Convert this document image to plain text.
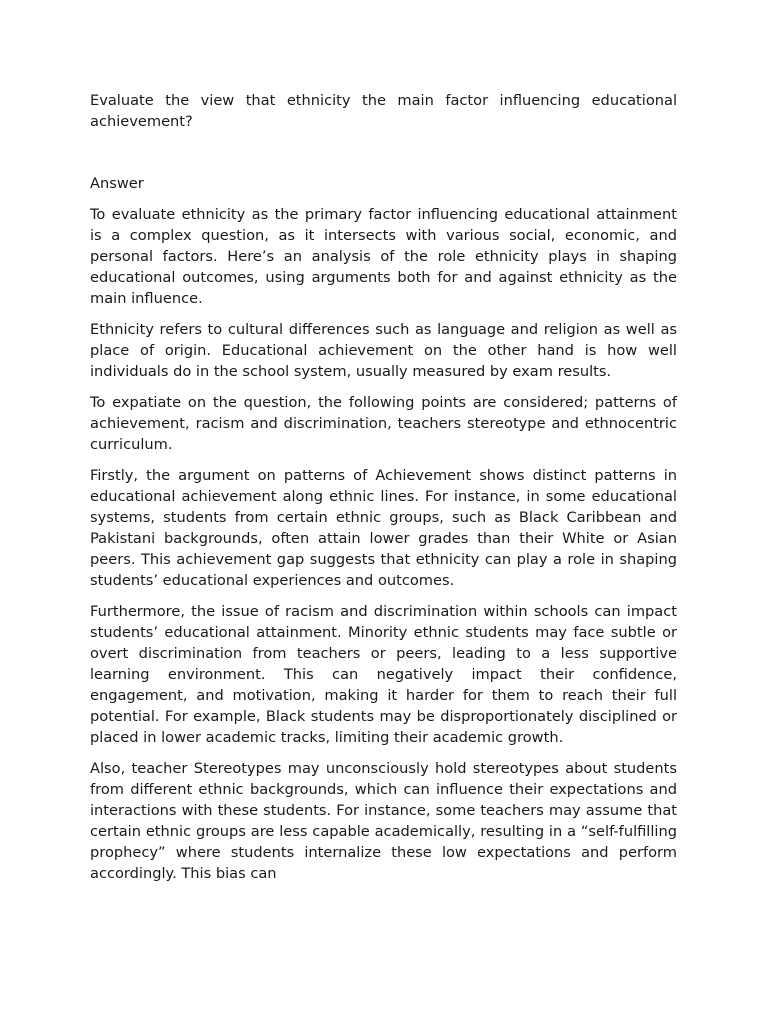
Evaluate the view that ethnicity the main factor influencing educational achievement?

Answer

To evaluate ethnicity as the primary factor influencing educational attainment is a complex question, as it intersects with various social, economic, and personal factors. Here’s an analysis of the role ethnicity plays in shaping educational outcomes, using arguments both for and against ethnicity as the main influence.

Ethnicity refers to cultural differences such as language and religion as well as place of origin. Educational achievement on the other hand is how well individuals do in the school system, usually measured by exam results.

To expatiate on the question, the following points are considered; patterns of achievement, racism and discrimination, teachers stereotype and ethnocentric curriculum.

Firstly, the argument on patterns of Achievement shows distinct patterns in educational achievement along ethnic lines. For instance, in some educational systems, students from certain ethnic groups, such as Black Caribbean and Pakistani backgrounds, often attain lower grades than their White or Asian peers. This achievement gap suggests that ethnicity can play a role in shaping students’ educational experiences and outcomes.

Furthermore, the issue of racism and discrimination within schools can impact students’ educational attainment. Minority ethnic students may face subtle or overt discrimination from teachers or peers, leading to a less supportive learning environment. This can negatively impact their confidence, engagement, and motivation, making it harder for them to reach their full potential. For example, Black students may be disproportionately disciplined or placed in lower academic tracks, limiting their academic growth.

Also, teacher Stereotypes may unconsciously hold stereotypes about students from different ethnic backgrounds, which can influence their expectations and interactions with these students. For instance, some teachers may assume that certain ethnic groups are less capable academically, resulting in a “self-fulfilling prophecy” where students internalize these low expectations and perform accordingly. This bias can
